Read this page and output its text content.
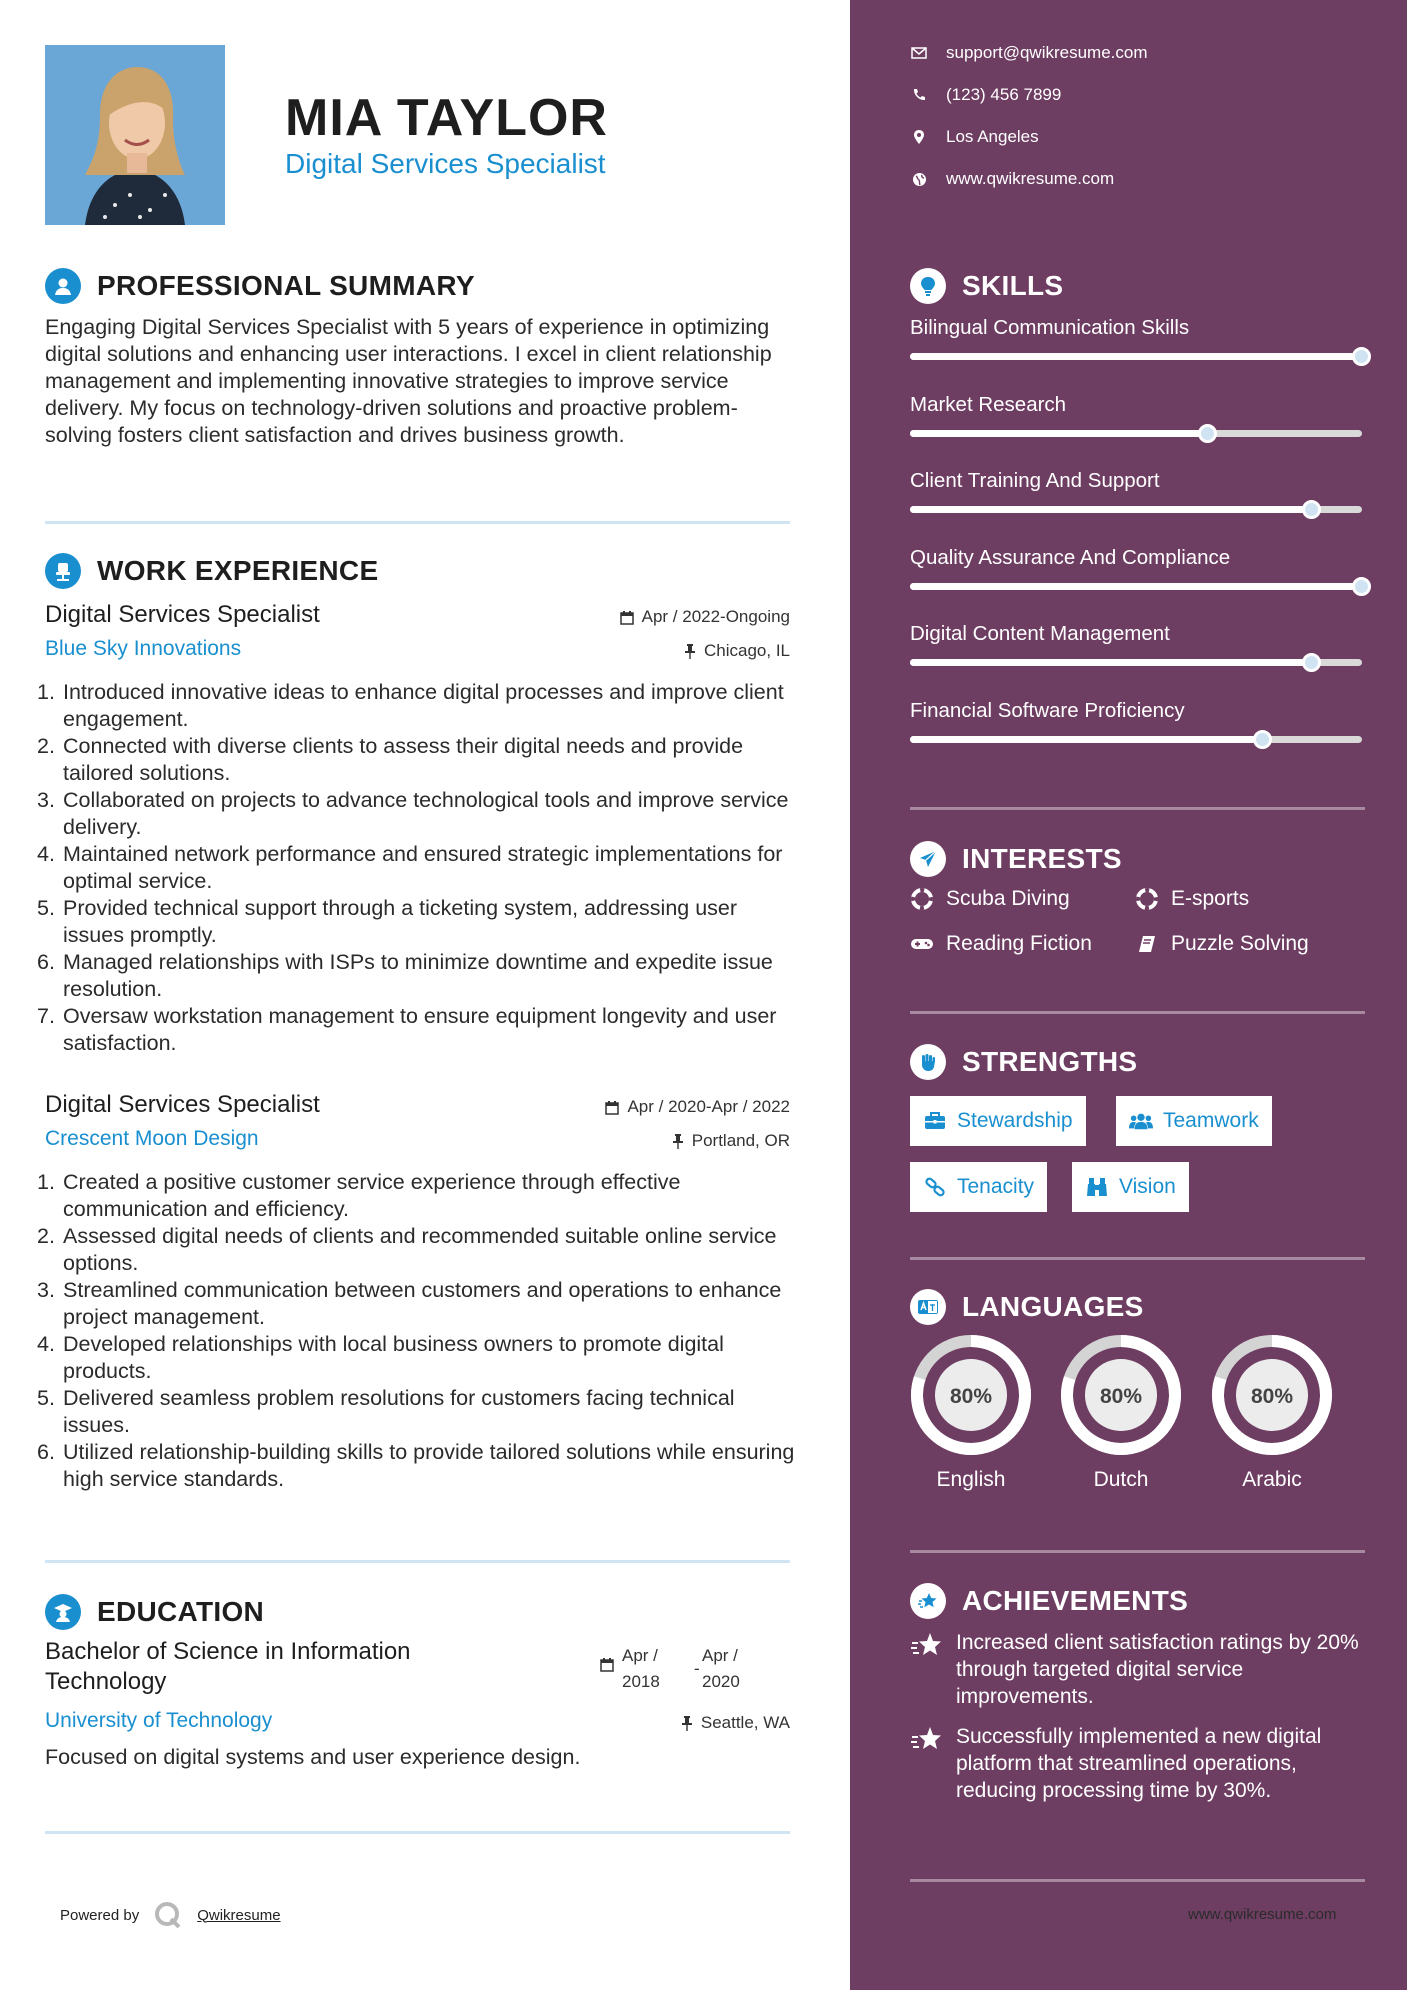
MIA TAYLOR
Digital Services Specialist
PROFESSIONAL SUMMARY
Engaging Digital Services Specialist with 5 years of experience in optimizing digital solutions and enhancing user interactions. I excel in client relationship management and implementing innovative strategies to improve service delivery. My focus on technology-driven solutions and proactive problem-solving fosters client satisfaction and drives business growth.
WORK EXPERIENCE
Digital Services Specialist	Apr / 2022-Ongoing
Blue Sky Innovations	Chicago, IL
1. Introduced innovative ideas to enhance digital processes and improve client engagement.
2. Connected with diverse clients to assess their digital needs and provide tailored solutions.
3. Collaborated on projects to advance technological tools and improve service delivery.
4. Maintained network performance and ensured strategic implementations for optimal service.
5. Provided technical support through a ticketing system, addressing user issues promptly.
6. Managed relationships with ISPs to minimize downtime and expedite issue resolution.
7. Oversaw workstation management to ensure equipment longevity and user satisfaction.
Digital Services Specialist	Apr / 2020-Apr / 2022
Crescent Moon Design	Portland, OR
1. Created a positive customer service experience through effective communication and efficiency.
2. Assessed digital needs of clients and recommended suitable online service options.
3. Streamlined communication between customers and operations to enhance project management.
4. Developed relationships with local business owners to promote digital products.
5. Delivered seamless problem resolutions for customers facing technical issues.
6. Utilized relationship-building skills to provide tailored solutions while ensuring high service standards.
EDUCATION
Bachelor of Science in Information Technology
Apr /
2018
-
Apr /
2020
University of Technology	Seattle, WA
Focused on digital systems and user experience design.
Powered by	Qwikresume
support@qwikresume.com
(123) 456 7899
Los Angeles
www.qwikresume.com
SKILLS
Bilingual Communication Skills
Market Research
Client Training And Support
Quality Assurance And Compliance
Digital Content Management
Financial Software Proficiency
INTERESTS
Scuba Diving	E-sports
Reading Fiction	Puzzle Solving
STRENGTHS
Stewardship	Teamwork
Tenacity	Vision
LANGUAGES
80%
English
80%
Dutch
80%
Arabic
ACHIEVEMENTS
Increased client satisfaction ratings by 20% through targeted digital service improvements.
Successfully implemented a new digital platform that streamlined operations, reducing processing time by 30%.
www.qwikresume.com
